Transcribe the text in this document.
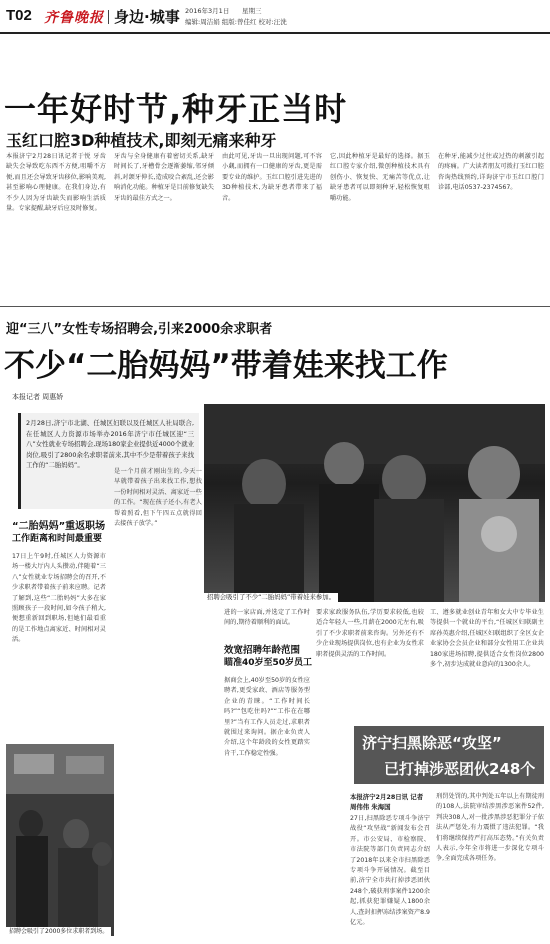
T02 齐鲁晚报 身边·城事 2016年3月1日 星期三
编辑:周洁娟 组版:曾佳红 校对:汪洗
一年好时节,种牙正当时
玉红口腔3D种植技术,即刻无痛来种牙
本报济宁2月28日讯记者于悦 牙齿缺失会导致吃东西不方便,咀嚼不方便,而且还会导致牙齿移位,影响美观,甚至影响心理健康。在我们身边,有不少人因为牙齿缺失而影响生活质量。专家提醒,缺牙后应及时修复。
牙齿与全身健康有着密切关系,缺牙时间长了,牙槽骨会逐渐萎缩,邻牙倾斜,对颌牙伸长,造成咬合紊乱,还会影响消化功能。种植牙是目前修复缺失牙齿的最佳方式之一。
由此可见,牙齿一旦出现问题,可不容小觑,而拥有一口健康的牙齿,更是需要专业的维护。玉红口腔引进先进的3D种植技术,为缺牙患者带来了福音。
它,因此种植牙是最好的选择。据玉红口腔专家介绍,微创种植技术具有创伤小、恢复快、无痛苦等优点,让缺牙患者可以即刻种牙,轻松恢复咀嚼功能。
在种牙,能减少过往或过热的刺激引起的疼痛。广大读者朋友可拨打玉红口腔咨询热线预约,详询济宁市玉红口腔门诊部,电话0537-2374567。
迎“三八”女性专场招聘会,引来2000余求职者
不少“二胎妈妈”带着娃来找工作
本报记者 周惠娇
2月28日,济宁市北湖、任城区妇联以及任城区人社局联合,在任城区人力资源市场举办2016年济宁市任城区迎“三八”女性就业专场招聘会,现场180家企业提供近4000个就业岗位,吸引了2800余名求职者前来,其中不少是带着孩子来找工作的“二胎妈妈”。
“二胎妈妈”重返职场
工作距离和时间最重要
17日上午9时,任城区人力资源市场一楼大厅内人头攒动,伴随着“三八”女性就业专场招聘会的召开,不少求职者带着孩子前来应聘。记者了解到,这些“二胎妈妈”大多在家照顾孩子一段时间,如今孩子稍大,便想重新回到职场,但她们最看重的是工作地点离家近、时间相对灵活。
是一个月前才刚出生的,今天一早就带着孩子出来找工作,想找一份时间相对灵活、离家近一些的工作。“现在孩子还小,有老人帮着照看,但下午四五点就得回去接孩子放学。”
招聘会吸引了不少“二胎妈妈”带着娃来参加。
招聘会吸引了2000多位求职者到场。
进的一家店面,并选定了工作时间的,期待着顺利的面试。
效宽招聘年龄范围
瞄准40岁至50岁员工
据商会上,40岁至50岁的女性应聘者,更受家政、酒店等服务型企业的青睐。“工作时间长吗?”“包吃住吗?”“工作在在哪里?”当有工作人员走过,求职者就围过来询问。据企业负责人介绍,这个年龄段的女性更踏实肯干,工作稳定性强。
要求家政服务队伍,学历要求较低,也较适合年轻人一些,月薪在2000元左右,吸引了不少求职者前来咨询。另外还有不少企业现场提供岗位,也有企业为女性求职者提供灵活的工作时间。
工、遵多就业创业青年和女大中专毕业生等提供一个就业的平台,“任城区妇联副主席孙英惠介绍,任城区妇联组织了全区女企业家协会会员企业和部分女性用工企业共180家进场招聘,提供适合女性岗位2800多个,初步达成就业意向的1300余人。
济宁扫黑除恶“攻坚”
已打掉涉恶团伙248个
本报济宁2月28日讯 记者 周伟伟 朱海国
27日,扫黑除恶专项斗争济宁战役“攻坚战”新闻发布会召开。市公安局、市检察院、市法院等部门负责同志介绍了2018年以来全市扫黑除恶专项斗争开展情况。截至目前,济宁全市共打掉涉恶团伙248个,破获刑事案件1200余起,抓获犯罪嫌疑人1800余人,查封扣押冻结涉案资产8.9亿元。
刑罚处罚的,其中判处五年以上有期徒刑的108人,法院审结涉黑涉恶案件52件,判决308人,对一批涉黑涉恶犯罪分子依法从严惩处,有力震慑了违法犯罪。“我们将继续保持严打高压态势。”有关负责人表示,今年全市将进一步深化专项斗争,全面完成各项任务。
